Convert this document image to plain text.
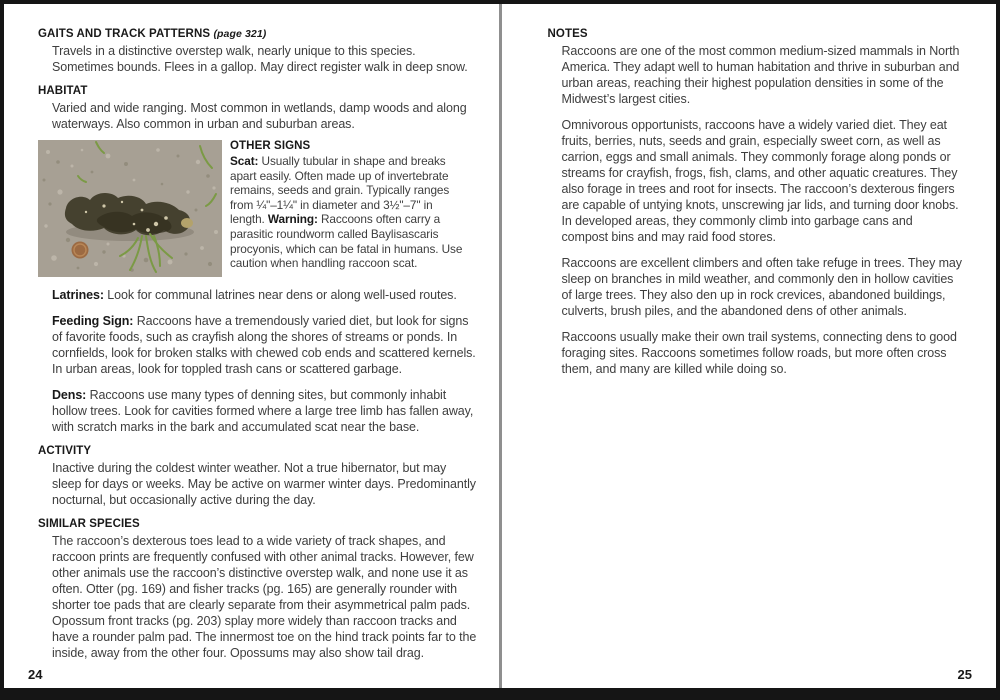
GAITS AND TRACK PATTERNS (page 321)

Travels in a distinctive overstep walk, nearly unique to this species. Sometimes bounds. Flees in a gallop. May direct register walk in deep snow.

HABITAT

Varied and wide ranging. Most common in wetlands, damp woods and along waterways. Also common in urban and suburban areas.

OTHER SIGNS

Scat: Usually tubular in shape and breaks apart easily. Often made up of invertebrate remains, seeds and grain. Typically ranges from ¼"–1¼" in diameter and 3½"–7" in length. Warning: Raccoons often carry a parasitic roundworm called Baylisascaris procyonis, which can be fatal in humans. Use caution when handling raccoon scat.

Latrines: Look for communal latrines near dens or along well-used routes.

Feeding Sign: Raccoons have a tremendously varied diet, but look for signs of favorite foods, such as crayfish along the shores of streams or ponds. In cornfields, look for broken stalks with chewed cob ends and scattered kernels. In urban areas, look for toppled trash cans or scattered garbage.

Dens: Raccoons use many types of denning sites, but commonly inhabit hollow trees. Look for cavities formed where a large tree limb has fallen away, with scratch marks in the bark and accumulated scat near the base.

ACTIVITY

Inactive during the coldest winter weather. Not a true hibernator, but may sleep for days or weeks. May be active on warmer winter days. Predominantly nocturnal, but occasionally active during the day.

SIMILAR SPECIES

The raccoon’s dexterous toes lead to a wide variety of track shapes, and raccoon prints are frequently confused with other animal tracks. However, few other animals use the raccoon’s distinctive overstep walk, and none use it as often. Otter (pg. 169) and fisher tracks (pg. 165) are generally rounder with shorter toe pads that are clearly separate from their asymmetrical palm pads. Opossum front tracks (pg. 203) splay more widely than raccoon tracks and have a rounder palm pad. The innermost toe on the hind track points far to the inside, away from the other four. Opossums may also show tail drag.

24
NOTES

Raccoons are one of the most common medium-sized mammals in North America. They adapt well to human habitation and thrive in suburban and urban areas, reaching their highest population densities in some of the Midwest’s largest cities.

Omnivorous opportunists, raccoons have a widely varied diet. They eat fruits, berries, nuts, seeds and grain, especially sweet corn, as well as carrion, eggs and small animals. They commonly forage along ponds or streams for crayfish, frogs, fish, clams, and other aquatic creatures. They also forage in trees and root for insects. The raccoon’s dexterous fingers are capable of untying knots, unscrewing jar lids, and turning door knobs. In developed areas, they commonly climb into garbage cans and compost bins and may raid food stores.

Raccoons are excellent climbers and often take refuge in trees. They may sleep on branches in mild weather, and commonly den in hollow cavities of large trees. They also den up in rock crevices, abandoned buildings, culverts, brush piles, and the abandoned dens of other animals.

Raccoons usually make their own trail systems, connecting dens to good foraging sites. Raccoons sometimes follow roads, but more often cross them, and many are killed while doing so.

25
